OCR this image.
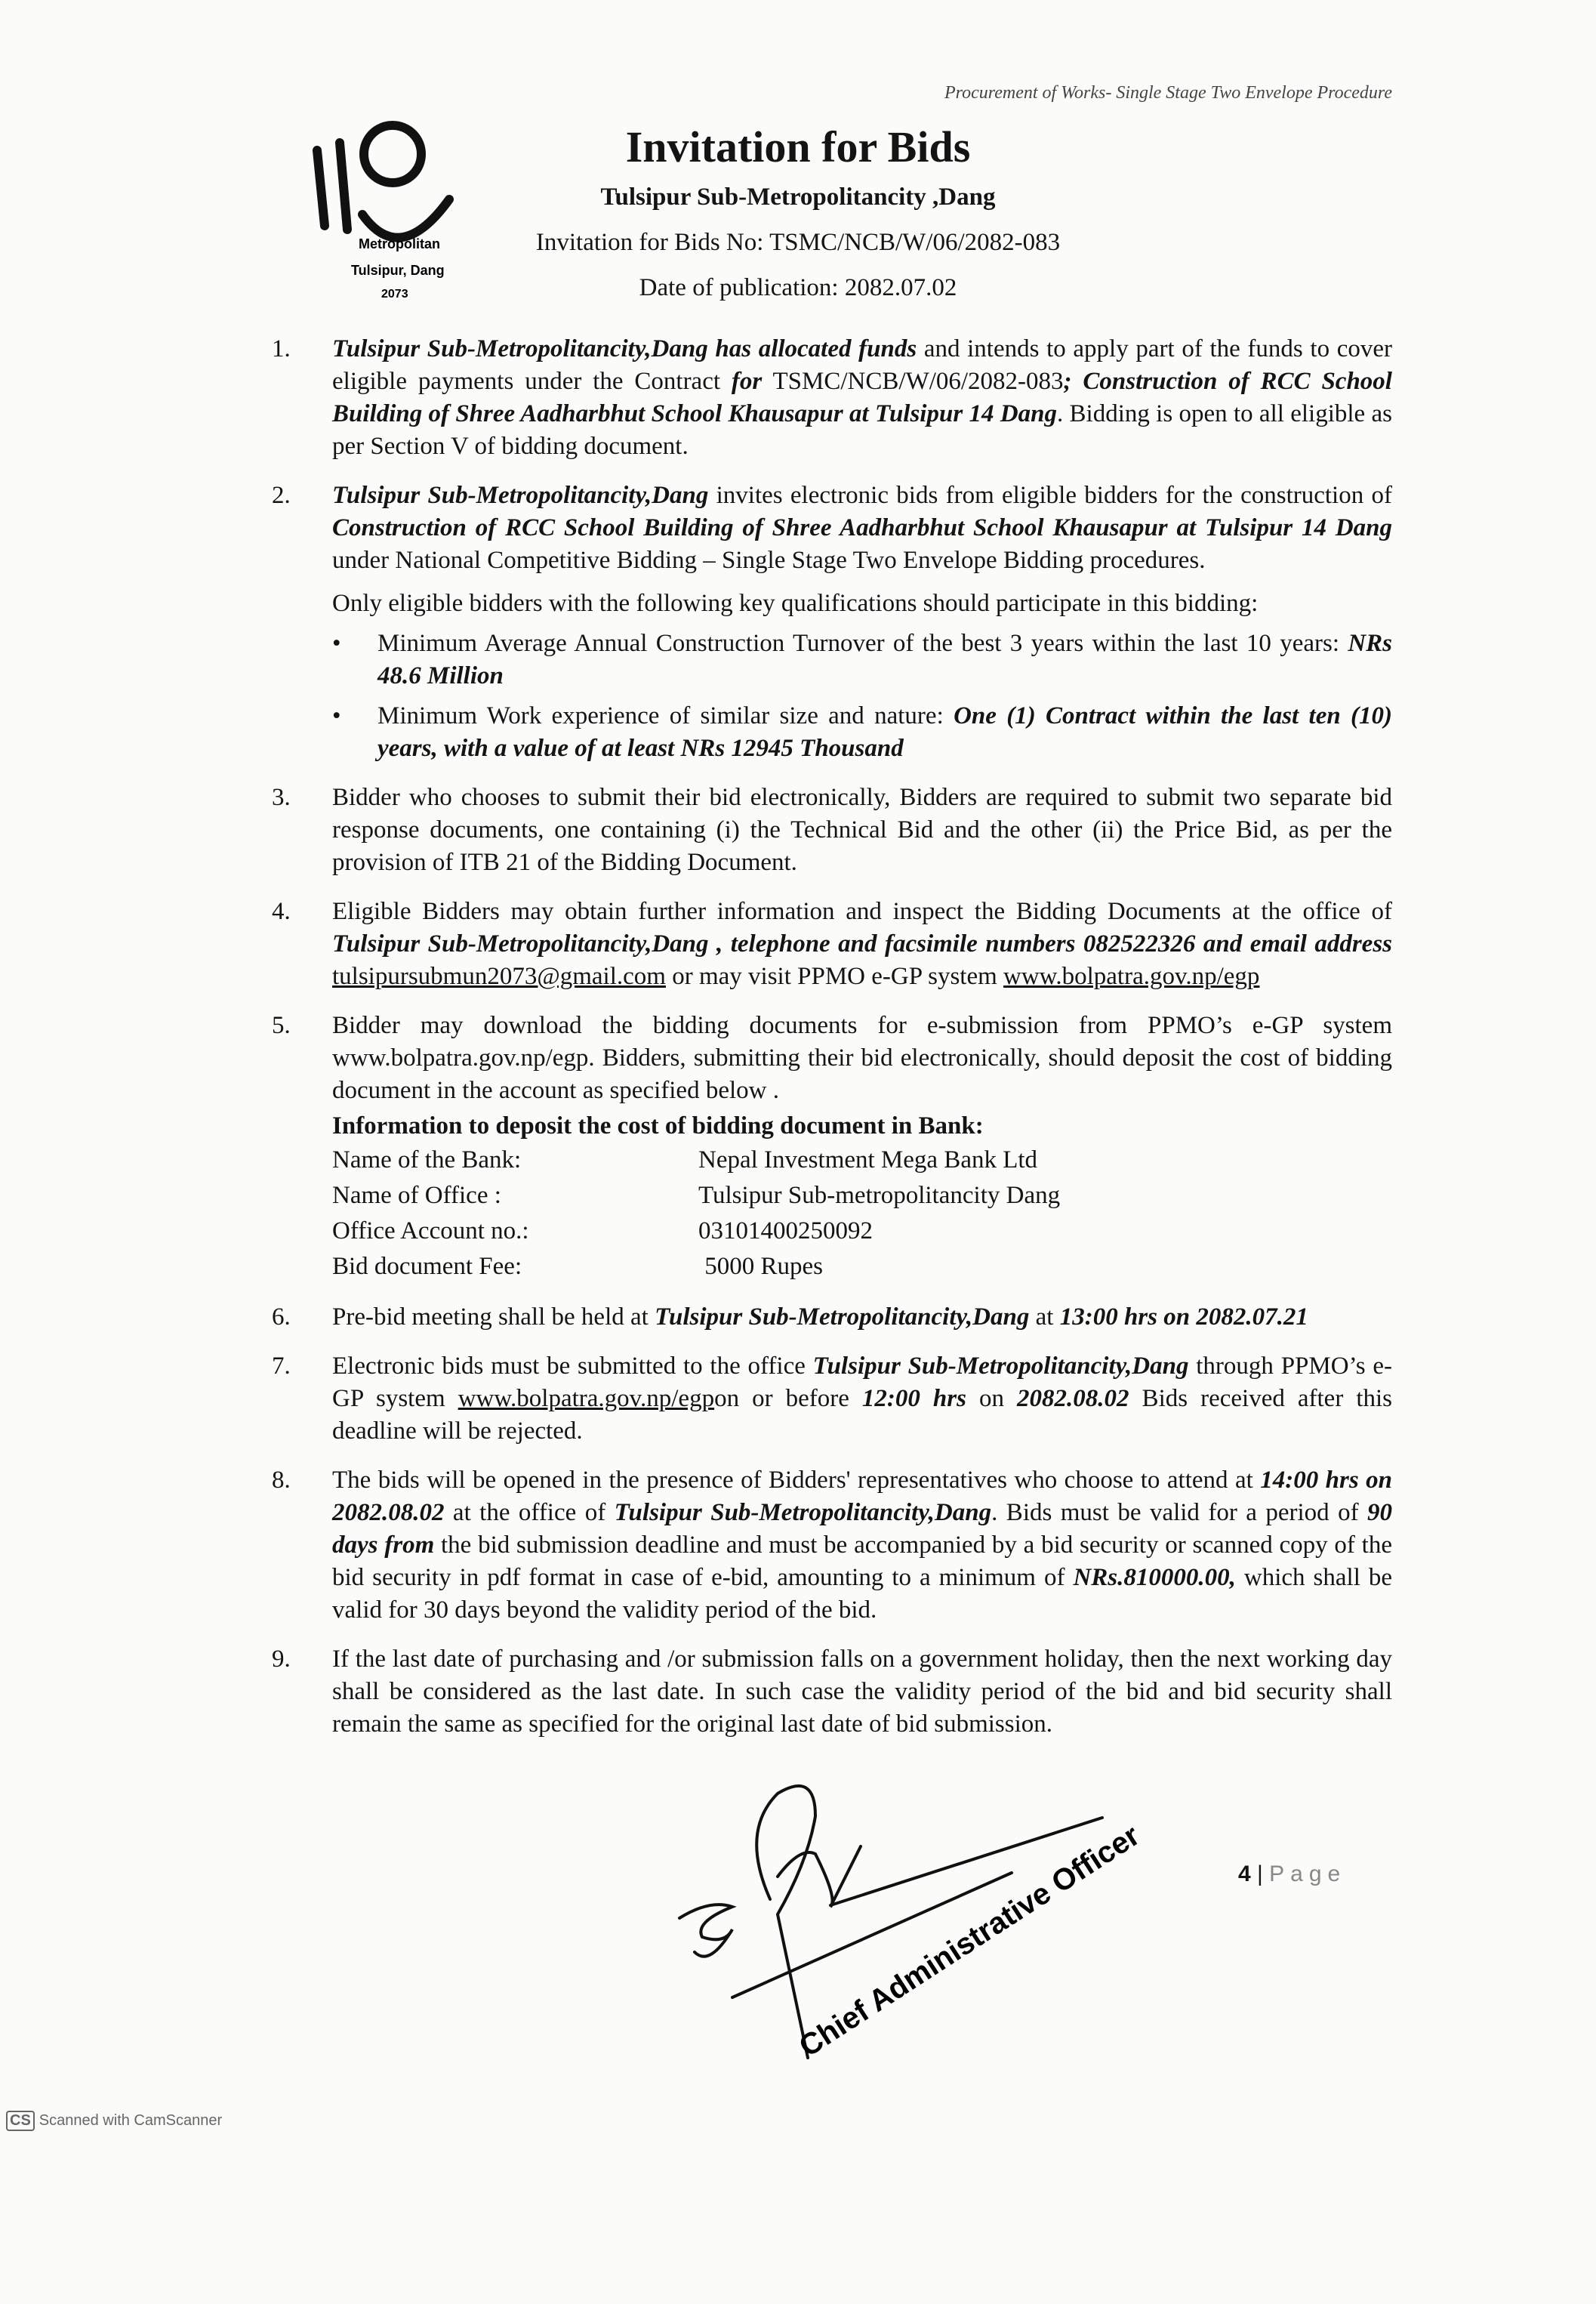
Procurement of Works- Single Stage Two Envelope Procedure
Metropolitan
Tulsipur, Dang
2073
Invitation for Bids
Tulsipur Sub-Metropolitancity ,Dang
Invitation for Bids No: TSMC/NCB/W/06/2082-083
Date of publication: 2082.07.02
1.	Tulsipur Sub-Metropolitancity,Dang has allocated funds and intends to apply part of the funds to cover eligible payments under the Contract for TSMC/NCB/W/06/2082-083; Construction of RCC School Building of Shree Aadharbhut School Khausapur at Tulsipur 14 Dang. Bidding is open to all eligible as per Section V of bidding document.
2.	Tulsipur Sub-Metropolitancity,Dang invites electronic bids from eligible bidders for the construction of Construction of RCC School Building of Shree Aadharbhut School Khausapur at Tulsipur 14 Dang under National Competitive Bidding – Single Stage Two Envelope Bidding procedures.
Only eligible bidders with the following key qualifications should participate in this bidding:
• Minimum Average Annual Construction Turnover of the best 3 years within the last 10 years: NRs 48.6 Million
• Minimum Work experience of similar size and nature: One (1) Contract within the last ten (10) years, with a value of at least NRs 12945 Thousand
3.	Bidder who chooses to submit their bid electronically, Bidders are required to submit two separate bid response documents, one containing (i) the Technical Bid and the other (ii) the Price Bid, as per the provision of ITB 21 of the Bidding Document.
4.	Eligible Bidders may obtain further information and inspect the Bidding Documents at the office of Tulsipur Sub-Metropolitancity,Dang , telephone and facsimile numbers 082522326 and email address tulsipursubmun2073@gmail.com or may visit PPMO e-GP system www.bolpatra.gov.np/egp
5.	Bidder may download the bidding documents for e-submission from PPMO’s e-GP system www.bolpatra.gov.np/egp. Bidders, submitting their bid electronically, should deposit the cost of bidding document in the account as specified below .
Information to deposit the cost of bidding document in Bank:
Name of the Bank:	Nepal Investment Mega Bank Ltd
Name of Office :	Tulsipur Sub-metropolitancity Dang
Office Account no.:	03101400250092
Bid document Fee:	5000 Rupes
6.	Pre-bid meeting shall be held at Tulsipur Sub-Metropolitancity,Dang at 13:00 hrs on 2082.07.21
7.	Electronic bids must be submitted to the office Tulsipur Sub-Metropolitancity,Dang through PPMO’s e- GP system www.bolpatra.gov.np/egpon or before 12:00 hrs on 2082.08.02 Bids received after this deadline will be rejected.
8.	The bids will be opened in the presence of Bidders' representatives who choose to attend at 14:00 hrs on 2082.08.02 at the office of Tulsipur Sub-Metropolitancity,Dang. Bids must be valid for a period of 90 days from the bid submission deadline and must be accompanied by a bid security or scanned copy of the bid security in pdf format in case of e-bid, amounting to a minimum of NRs.810000.00, which shall be valid for 30 days beyond the validity period of the bid.
9.	If the last date of purchasing and /or submission falls on a government holiday, then the next working day shall be considered as the last date. In such case the validity period of the bid and bid security shall remain the same as specified for the original last date of bid submission.
Chief Administrative Officer	4 | Page
CS Scanned with CamScanner
